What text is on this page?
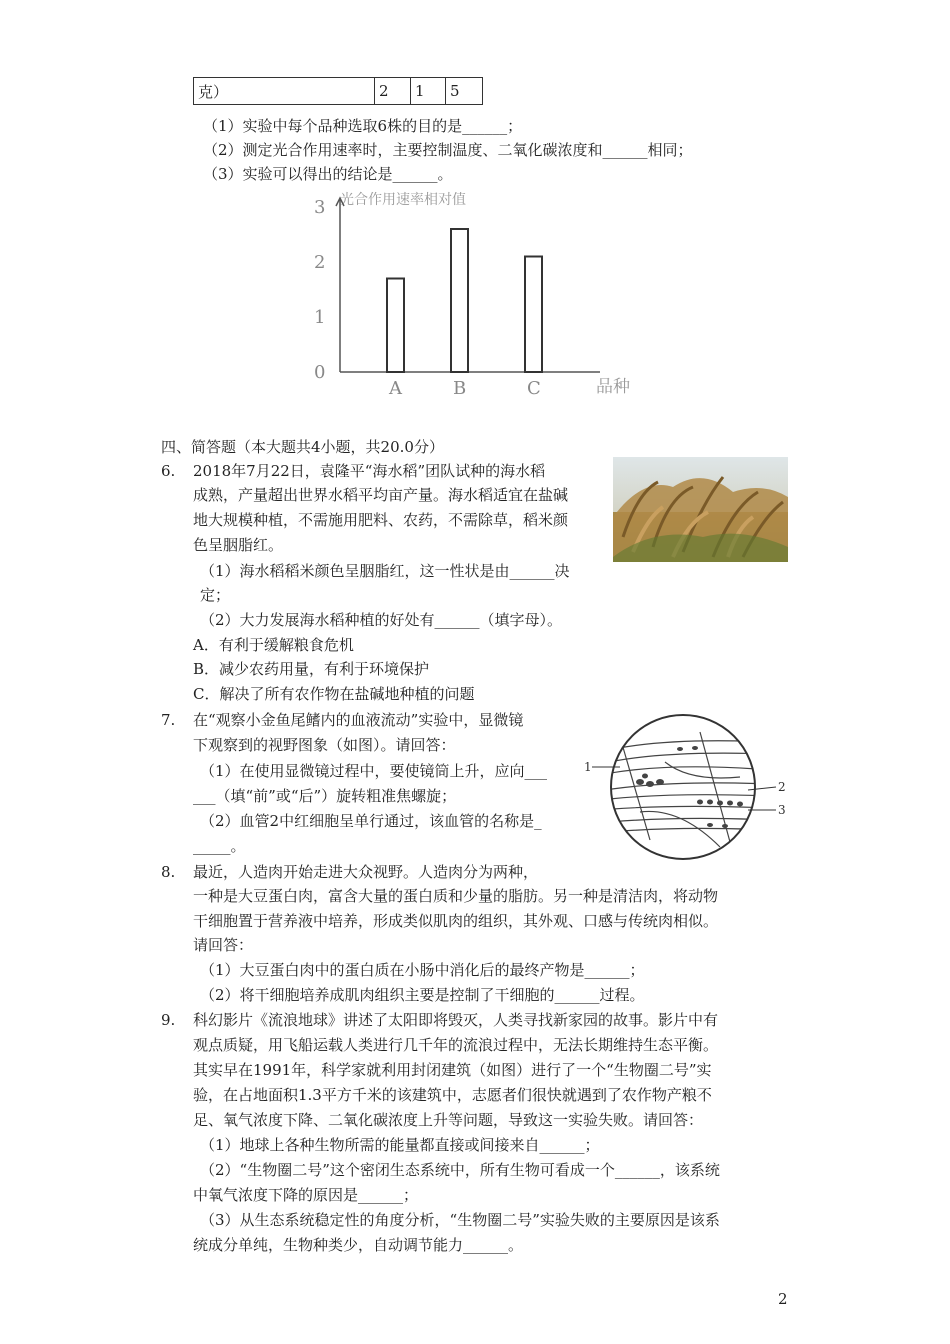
克）	2	1	5
（1）实验中每个品种选取6株的目的是______；
（2）测定光合作用速率时，主要控制温度、二氧化碳浓度和______相同；
（3）实验可以得出的结论是______。
光合作用速率相对值
品种
0
1
2
3
A	B	C
四、简答题（本大题共4小题，共20.0分）
6. 2018年7月22日，袁隆平“海水稻”团队试种的海水稻
成熟，产量超出世界水稻平均亩产量。海水稻适宜在盐碱
地大规模种植，不需施用肥料、农药，不需除草，稻米颜
色呈胭脂红。
（1）海水稻稻米颜色呈胭脂红，这一性状是由______决
定；
（2）大力发展海水稻种植的好处有______（填字母）。
A．有利于缓解粮食危机
B．减少农药用量，有利于环境保护
C．解决了所有农作物在盐碱地种植的问题
7. 在“观察小金鱼尾鳍内的血液流动”实验中，显微镜
下观察到的视野图象（如图）。请回答：
（1）在使用显微镜过程中，要使镜筒上升，应向___
___（填“前”或“后”）旋转粗准焦螺旋；
（2）血管2中红细胞呈单行通过，该血管的名称是_
_____。
1
2
3
8. 最近，人造肉开始走进大众视野。人造肉分为两种，
一种是大豆蛋白肉，富含大量的蛋白质和少量的脂肪。另一种是清洁肉，将动物
干细胞置于营养液中培养，形成类似肌肉的组织，其外观、口感与传统肉相似。
请回答：
（1）大豆蛋白肉中的蛋白质在小肠中消化后的最终产物是______；
（2）将干细胞培养成肌肉组织主要是控制了干细胞的______过程。
9. 科幻影片《流浪地球》讲述了太阳即将毁灭，人类寻找新家园的故事。影片中有
观点质疑，用飞船运载人类进行几千年的流浪过程中，无法长期维持生态平衡。
其实早在1991年，科学家就利用封闭建筑（如图）进行了一个“生物圈二号”实
验，在占地面积1.3平方千米的该建筑中，志愿者们很快就遇到了农作物产粮不
足、氧气浓度下降、二氧化碳浓度上升等问题，导致这一实验失败。请回答：
（1）地球上各种生物所需的能量都直接或间接来自______；
（2）“生物圈二号”这个密闭生态系统中，所有生物可看成一个______，该系统
中氧气浓度下降的原因是______；
（3）从生态系统稳定性的角度分析，“生物圈二号”实验失败的主要原因是该系
统成分单纯，生物种类少，自动调节能力______。
2
